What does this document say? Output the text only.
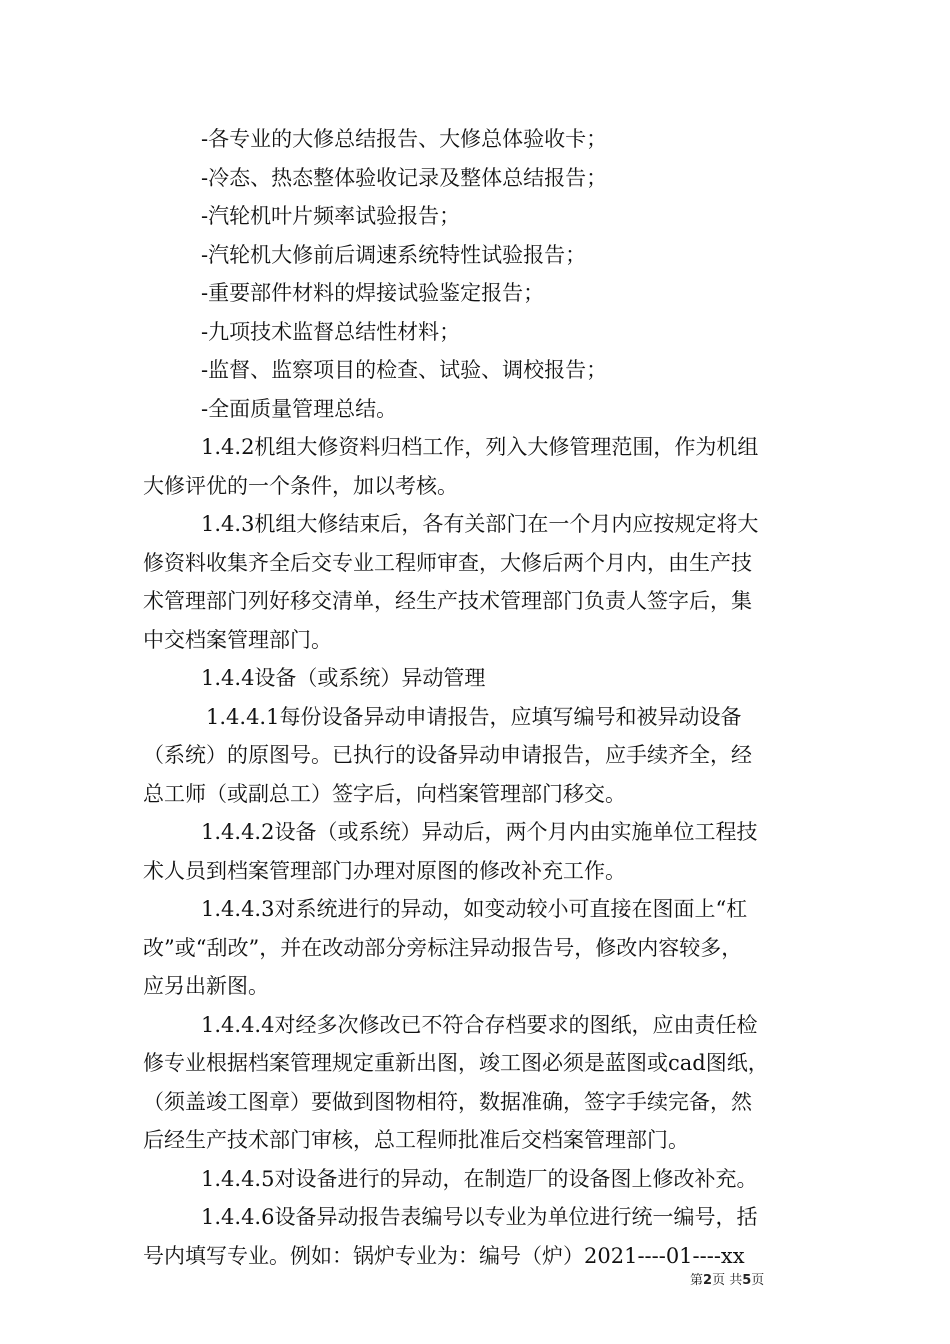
-各专业的大修总结报告、大修总体验收卡；
-冷态、热态整体验收记录及整体总结报告；
-汽轮机叶片频率试验报告；
-汽轮机大修前后调速系统特性试验报告；
-重要部件材料的焊接试验鉴定报告；
-九项技术监督总结性材料；
-监督、监察项目的检查、试验、调校报告；
-全面质量管理总结。
1.4.2机组大修资料归档工作，列入大修管理范围，作为机组
大修评优的一个条件，加以考核。
1.4.3机组大修结束后，各有关部门在一个月内应按规定将大
修资料收集齐全后交专业工程师审查，大修后两个月内，由生产技
术管理部门列好移交清单，经生产技术管理部门负责人签字后，集
中交档案管理部门。
1.4.4设备（或系统）异动管理
1.4.4.1每份设备异动申请报告，应填写编号和被异动设备
（系统）的原图号。已执行的设备异动申请报告，应手续齐全，经
总工师（或副总工）签字后，向档案管理部门移交。
1.4.4.2设备（或系统）异动后，两个月内由实施单位工程技
术人员到档案管理部门办理对原图的修改补充工作。
1.4.4.3对系统进行的异动，如变动较小可直接在图面上“杠
改”或“刮改”，并在改动部分旁标注异动报告号，修改内容较多，
应另出新图。
1.4.4.4对经多次修改已不符合存档要求的图纸，应由责任检
修专业根据档案管理规定重新出图，竣工图必须是蓝图或cad图纸，
（须盖竣工图章）要做到图物相符，数据准确，签字手续完备，然
后经生产技术部门审核，总工程师批准后交档案管理部门。
1.4.4.5对设备进行的异动，在制造厂的设备图上修改补充。
1.4.4.6设备异动报告表编号以专业为单位进行统一编号，括
号内填写专业。例如：锅炉专业为：编号（炉）2021----01----xx
第2页 共5页
